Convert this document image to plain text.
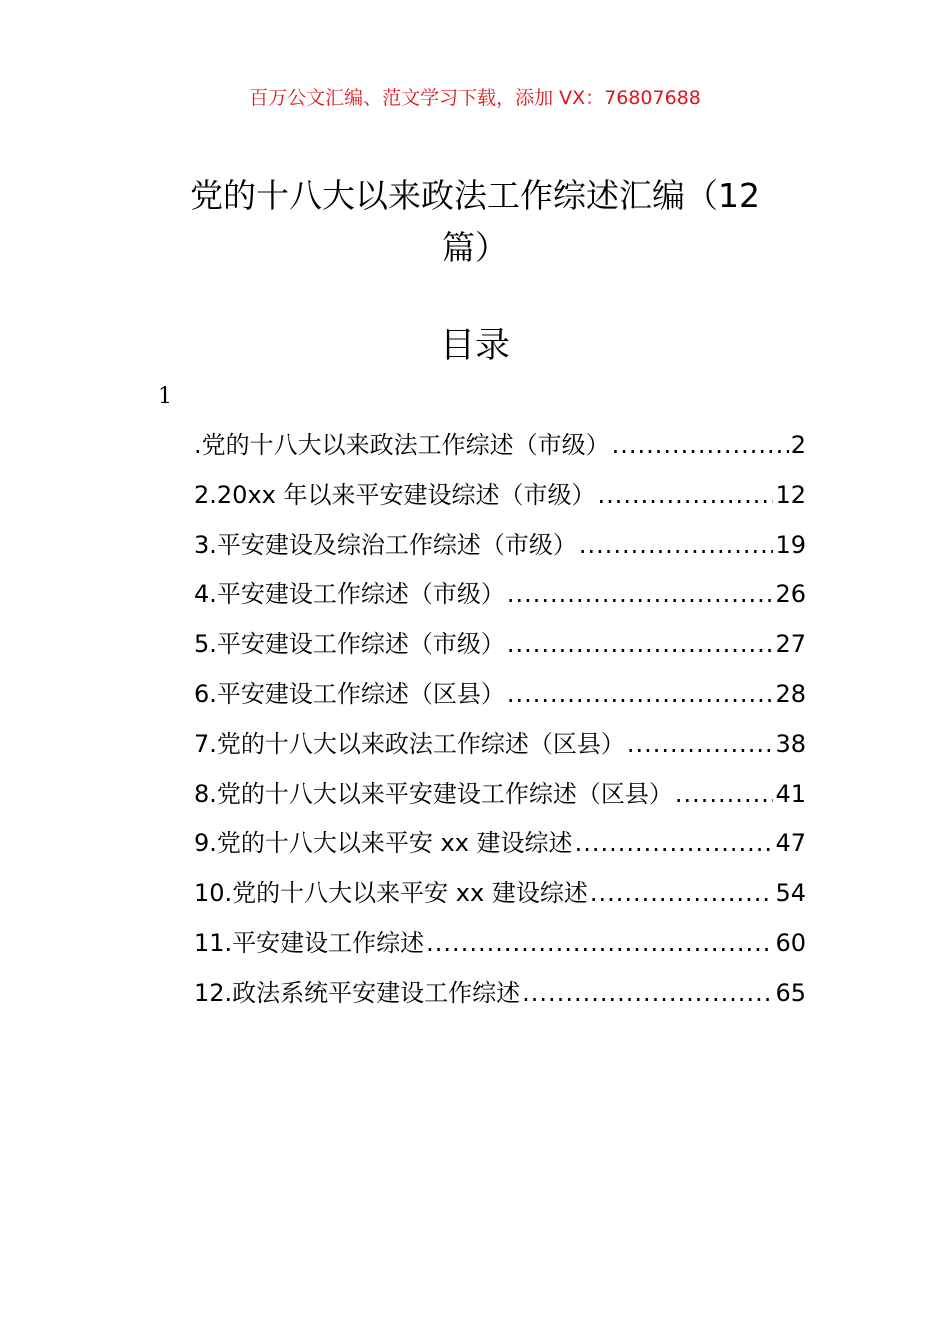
百万公文汇编、范文学习下载，添加 VX：76807688
党的十八大以来政法工作综述汇编（12 篇）
目录
1
.党的十八大以来政法工作综述（市级） .....	2
2.20xx 年以来平安建设综述（市级） .....	12
3.平安建设及综治工作综述（市级） .....	19
4.平安建设工作综述（市级） .....	26
5.平安建设工作综述（市级） .....	27
6.平安建设工作综述（区县） .....	28
7.党的十八大以来政法工作综述（区县） .....	38
8.党的十八大以来平安建设工作综述（区县） .....	41
9.党的十八大以来平安 xx 建设综述 .....	47
10.党的十八大以来平安 xx 建设综述 .....	54
11.平安建设工作综述 .....	60
12.政法系统平安建设工作综述 .....	65
